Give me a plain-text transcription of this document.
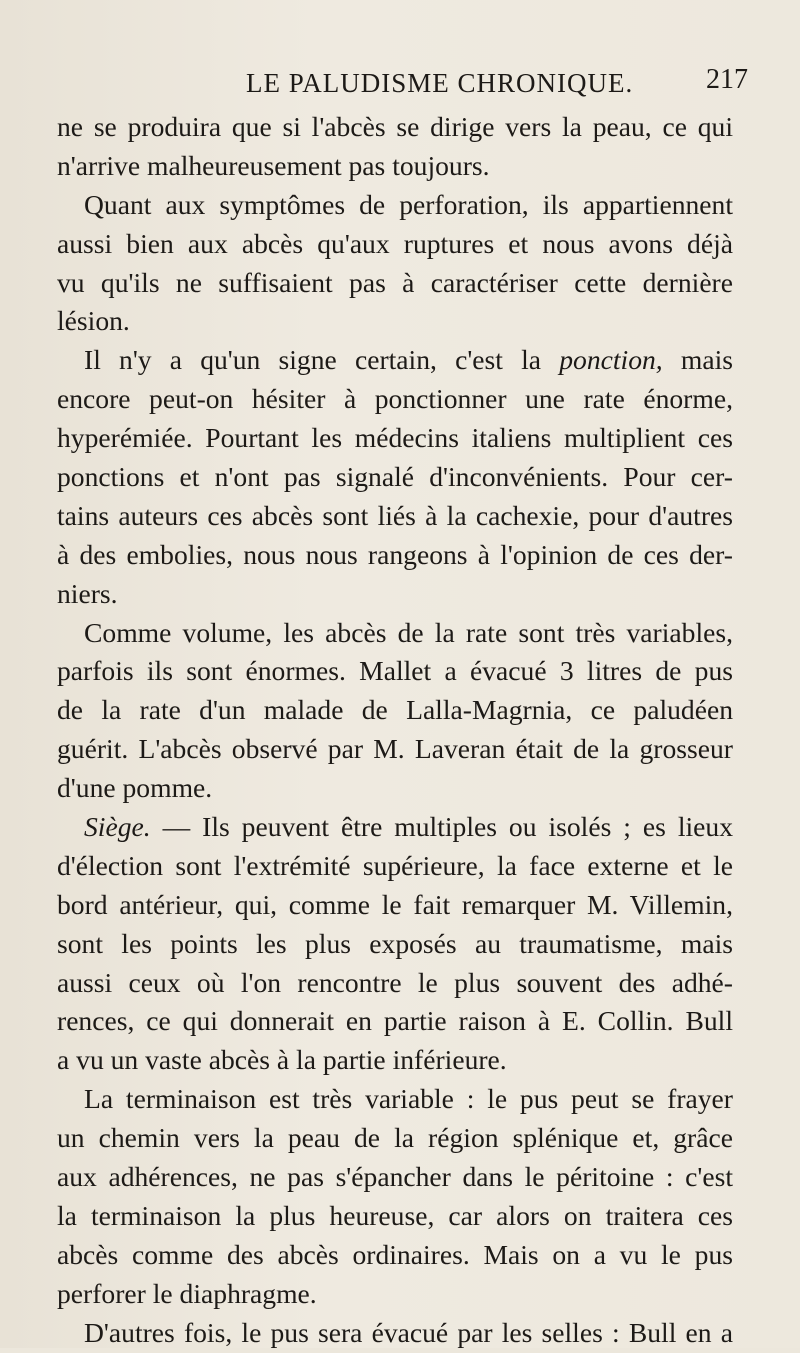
LE PALUDISME CHRONIQUE.	217
ne se produira que si l'abcès se dirige vers la peau, ce qui
n'arrive malheureusement pas toujours.
Quant aux symptômes de perforation, ils appartiennent
aussi bien aux abcès qu'aux ruptures et nous avons déjà
vu qu'ils ne suffisaient pas à caractériser cette dernière
lésion.
Il n'y a qu'un signe certain, c'est la ponction, mais
encore peut-on hésiter à ponctionner une rate énorme,
hyperémiée. Pourtant les médecins italiens multiplient ces
ponctions et n'ont pas signalé d'inconvénients. Pour cer-
tains auteurs ces abcès sont liés à la cachexie, pour d'autres
à des embolies, nous nous rangeons à l'opinion de ces der-
niers.
Comme volume, les abcès de la rate sont très variables,
parfois ils sont énormes. Mallet a évacué 3 litres de pus
de la rate d'un malade de Lalla-Magrnia, ce paludéen
guérit. L'abcès observé par M. Laveran était de la grosseur
d'une pomme.
Siège. — Ils peuvent être multiples ou isolés ; es lieux
d'élection sont l'extrémité supérieure, la face externe et le
bord antérieur, qui, comme le fait remarquer M. Villemin,
sont les points les plus exposés au traumatisme, mais
aussi ceux où l'on rencontre le plus souvent des adhé-
rences, ce qui donnerait en partie raison à E. Collin. Bull
a vu un vaste abcès à la partie inférieure.
La terminaison est très variable : le pus peut se frayer
un chemin vers la peau de la région splénique et, grâce
aux adhérences, ne pas s'épancher dans le péritoine : c'est
la terminaison la plus heureuse, car alors on traitera ces
abcès comme des abcès ordinaires. Mais on a vu le pus
perforer le diaphragme.
D'autres fois, le pus sera évacué par les selles : Bull en a
